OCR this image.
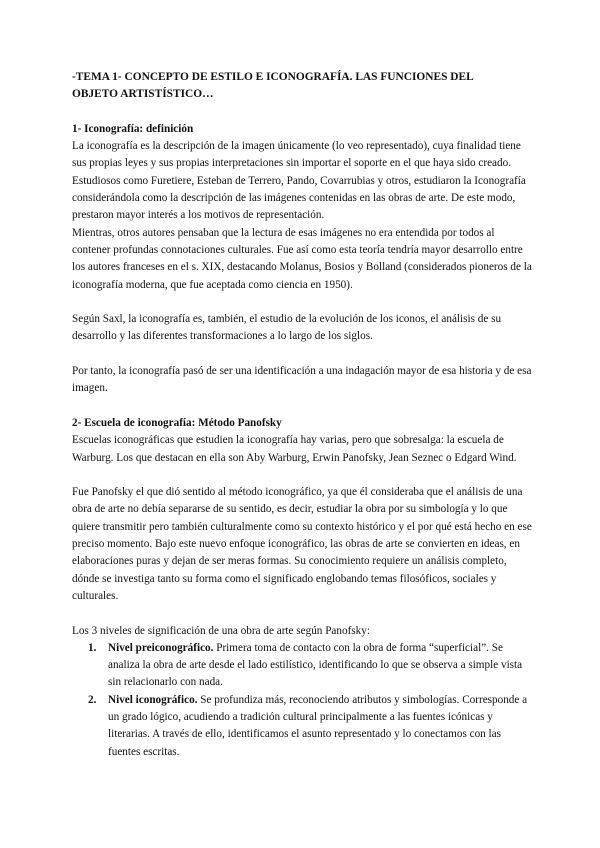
-TEMA 1- CONCEPTO DE ESTILO E ICONOGRAFÍA. LAS FUNCIONES DEL
OBJETO ARTISTÍSTICO…

1- Iconografía: definición

La iconografía es la descripción de la imagen únicamente (lo veo representado), cuya finalidad tiene sus propias leyes y sus propias interpretaciones sin importar el soporte en el que haya sido creado.

Estudiosos como Furetiere, Esteban de Terrero, Pando, Covarrubias y otros, estudiaron la Iconografía considerándola como la descripción de las imágenes contenidas en las obras de arte. De este modo, prestaron mayor interés a los motivos de representación.

Mientras, otros autores pensaban que la lectura de esas imágenes no era entendida por todos al contener profundas connotaciones culturales. Fue así como esta teoría tendría mayor desarrollo entre los autores franceses en el s. XIX, destacando Molanus, Bosios y Bolland (considerados pioneros de la iconografía moderna, que fue aceptada como ciencia en 1950).

Según Saxl, la iconografía es, también, el estudio de la evolución de los iconos, el análisis de su desarrollo y las diferentes transformaciones a lo largo de los siglos.

Por tanto, la iconografía pasó de ser una identificación a una indagación mayor de esa historia y de esa imagen.

2- Escuela de iconografía: Método Panofsky

Escuelas iconográficas que estudien la iconografía hay varias, pero que sobresalga: la escuela de Warburg. Los que destacan en ella son Aby Warburg, Erwin Panofsky, Jean Seznec o Edgard Wind.

Fue Panofsky el que dió sentido al método iconográfico, ya que él consideraba que el análisis de una obra de arte no debía separarse de su sentido, es decir, estudiar la obra por su simbología y lo que quiere transmitir pero también culturalmente como su contexto histórico y el por qué está hecho en ese preciso momento. Bajo este nuevo enfoque iconográfico, las obras de arte se convierten en ideas, en elaboraciones puras y dejan de ser meras formas. Su conocimiento requiere un análisis completo, dónde se investiga tanto su forma como el significado englobando temas filosóficos, sociales y culturales.

Los 3 niveles de significación de una obra de arte según Panofsky:

1. Nivel preiconográfico. Primera toma de contacto con la obra de forma “superficial”. Se analiza la obra de arte desde el lado estilístico, identificando lo que se observa a simple vista sin relacionarlo con nada.
2. Nivel iconográfico. Se profundiza más, reconociendo atributos y simbologías. Corresponde a un grado lógico, acudiendo a tradición cultural principalmente a las fuentes icónicas y literarias. A través de ello, identificamos el asunto representado y lo conectamos con las fuentes escritas.
